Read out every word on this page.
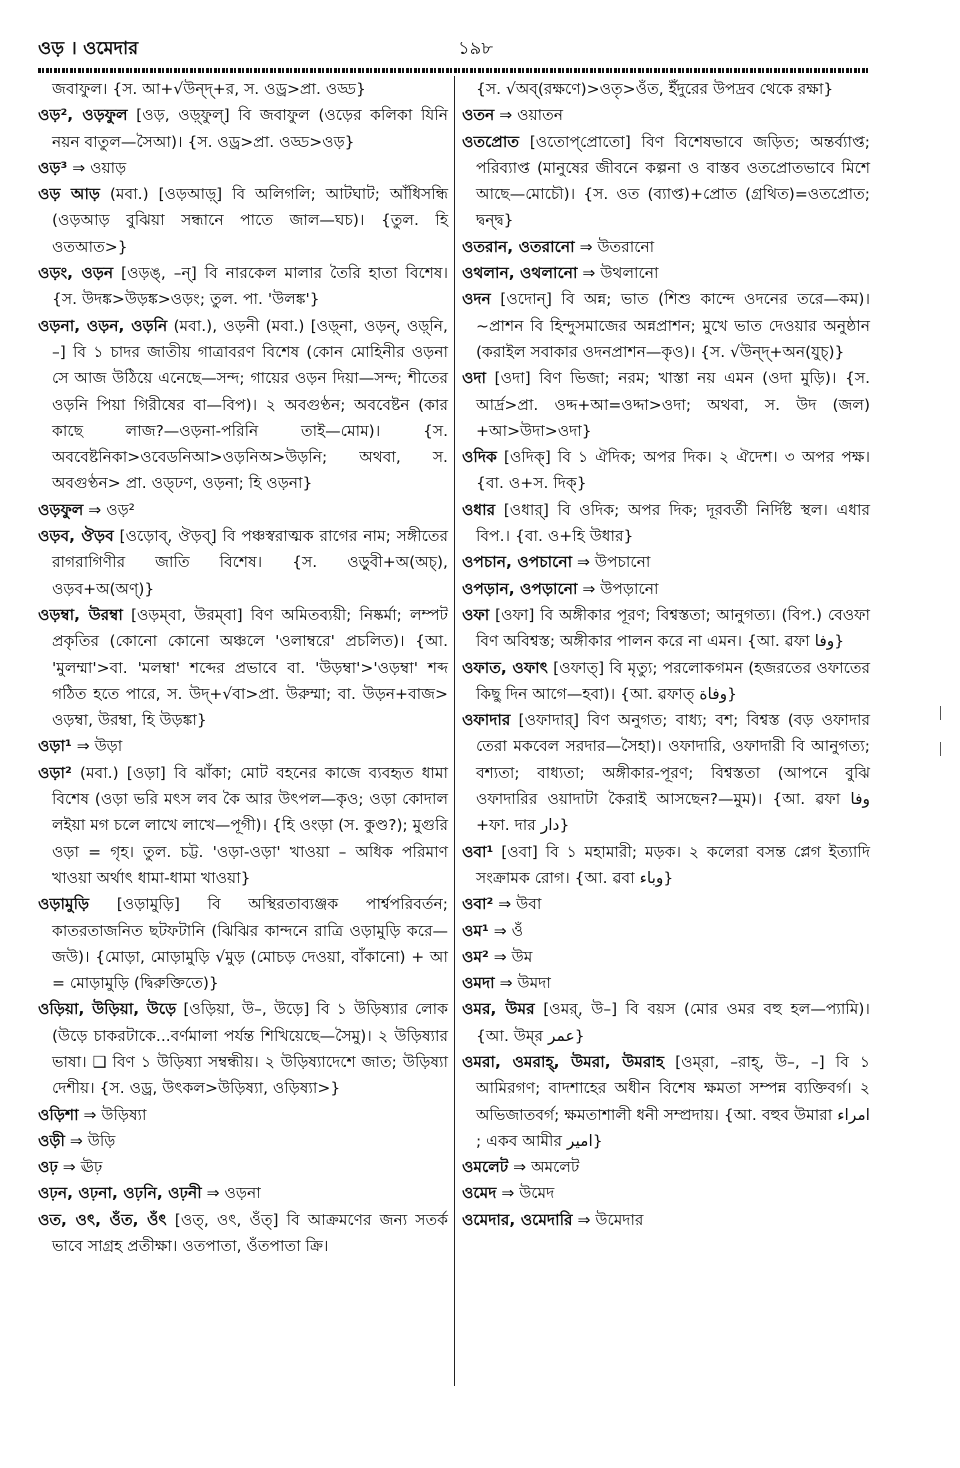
ওড় । ওমেদার	১৯৮

জবাফুল। {স. আ+√উন্দ্+র, স. ওড্র>প্রা. ওড্ড}

ওড়², ওড়ফুল [ওড়, ওড়্‌ফুল্] বি জবাফুল (ওড়ের কলিকা যিনি নয়ন বাতুল—সৈআ)। {স. ওড্র>প্রা. ওড্ড>ওড়}

ওড়³ ⇒ ওয়াড়

ওড় আড় (মবা.) [ওড়আড়্] বি অলিগলি; আটঘাট; আঁধিসন্ধি (ওড়আড় বুঝিয়া সন্ধানে পাতে জাল—ঘচ)। {তুল. হি ওতআত>}

ওড়ং, ওড়ন [ওড়ঙ্, –ন্] বি নারকেল মালার তৈরি হাতা বিশেষ। {স. উদঙ্ক>উড়ঙ্ক>ওড়ং; তুল. পা. 'উলঙ্ক'}

ওড়না, ওড়ন, ওড়নি (মবা.), ওড়নী (মবা.) [ওড়্‌না, ওড়ন্, ওড়্‌নি, –] বি ১ চাদর জাতীয় গাত্রাবরণ বিশেষ (কোন মোহিনীর ওড়না সে আজ উঠিয়ে এনেছে—সন্দ; গায়ের ওড়ন দিয়া—সন্দ; শীতের ওড়নি পিয়া গিরীষের বা—বিপ)। ২ অবগুণ্ঠন; অববেষ্টন (কার কাছে লাজ?—ওড়না-পরিনি তাই—মোম)। {স. অববেষ্টনিকা>ওবেডনিআ>ওড়নিঅ>উড়নি; অথবা, স. অবগুণ্ঠন> প্রা. ওড্‌ঢণ, ওড়না; হি ওড়না}

ওড়ফুল ⇒ ওড়²

ওড়ব, ঔড়ব [ওড়োব্, ঔড়ব্] বি পঞ্চস্বরাত্মক রাগের নাম; সঙ্গীতের রাগরাগিণীর জাতি বিশেষ। {স. ওড়ুবী+অ(অচ্), ওড়ব+অ(অণ্)}

ওড়ম্বা, উরম্বা [ওড়ম্‌বা, উরম্‌বা] বিণ অমিতব্যয়ী; নিষ্কর্মা; লম্পট প্রকৃতির (কোনো কোনো অঞ্চলে 'ওলাম্বরে' প্রচলিত)। {আ. 'মুলম্মা'>বা. 'মলম্বা' শব্দের প্রভাবে বা. 'উড়ম্বা'>'ওড়ম্বা' শব্দ গঠিত হতে পারে, স. উদ্+√বা>প্রা. উরুম্মা; বা. উড়ন+বাজ> ওড়ম্বা, উরম্বা, হি উড়ঙ্কা}

ওড়া¹ ⇒ উড়া

ওড়া² (মবা.) [ওড়া] বি ঝাঁকা; মোট বহনের কাজে ব্যবহৃত ধামা বিশেষ (ওড়া ভরি মৎস লব কৈ আর উৎপল—কৃও; ওড়া কোদাল লইয়া মগ চলে লাখে লাখে—পূগী)। {হি ওংড়া (স. কুণ্ড?); মুগুরি ওড়া = গৃহ। তুল. চট্ট. 'ওড়া-ওড়া' খাওয়া – অধিক পরিমাণ খাওয়া অর্থাৎ ধামা-ধামা খাওয়া}

ওড়ামুড়ি [ওড়ামুড়ি] বি অস্থিরতাব্যঞ্জক পার্শ্বপরিবর্তন; কাতরতাজনিত ছটফটানি (ঝিঝির কান্দনে রাত্রি ওড়ামুড়ি করে—জউ)। {মোড়া, মোড়ামুড়ি √মুড় (মোচড় দেওয়া, বাঁকানো) + আ = মোড়ামুড়ি (দ্বিরুক্তিতে)}

ওড়িয়া, উড়িয়া, উড়ে [ওড়িয়া, উ–, উড়ে] বি ১ উড়িষ্যার লোক (উড়ে চাকরটাকে...বর্ণমালা পর্যন্ত শিখিয়েছে—সৈমু)। ২ উড়িষ্যার ভাষা। ❑ বিণ ১ উড়িষ্যা সম্বন্ধীয়। ২ উড়িষ্যাদেশে জাত; উড়িষ্যা দেশীয়। {স. ওড্র, উৎকল>উড়িষ্যা, ওড়িষ্যা>}

ওড়িশা ⇒ উড়িষ্যা

ওড়ী ⇒ উড়ি

ওঢ় ⇒ ঊঢ়

ওঢ়ন, ওঢ়না, ওঢ়নি, ওঢ়নী ⇒ ওড়না

ওত, ওৎ, ওঁত, ওঁৎ [ওত্, ওৎ, ওঁত্] বি আক্রমণের জন্য সতর্ক ভাবে সাগ্রহ প্রতীক্ষা। ওতপাতা, ওঁতপাতা ক্রি।

{স. √অব্(রক্ষণে)>ওতৃ>ওঁত, ইঁদুরের উপদ্রব থেকে রক্ষা}

ওতন ⇒ ওয়াতন

ওতপ্রোত [ওতোপ্‌প্রোতো] বিণ বিশেষভাবে জড়িত; অন্তর্ব্যাপ্ত; পরিব্যাপ্ত (মানুষের জীবনে কল্পনা ও বাস্তব ওতপ্রোতভাবে মিশে আছে—মোচৌ)। {স. ওত (ব্যাপ্ত)+প্রোত (গ্রথিত)=ওতপ্রোত; দ্বন্দ্ব}

ওতরান, ওতরানো ⇒ উতরানো

ওথলান, ওথলানো ⇒ উথলানো

ওদন [ওদোন্] বি অন্ন; ভাত (শিশু কান্দে ওদনের তরে—কম)। ~প্রাশন বি হিন্দুসমাজের অন্নপ্রাশন; মুখে ভাত দেওয়ার অনুষ্ঠান (করাইল সবাকার ওদনপ্রাশন—কৃও)। {স. √উন্দ্+অন(যুচ্)}

ওদা [ওদা] বিণ ভিজা; নরম; খাস্তা নয় এমন (ওদা মুড়ি)। {স. আর্দ্র>প্রা. ওদ্দ+আ=ওদ্দা>ওদা; অথবা, স. উদ (জল) +আ>উদা>ওদা}

ওদিক [ওদিক্] বি ১ ঐদিক; অপর দিক। ২ ঐদেশ। ৩ অপর পক্ষ। {বা. ও+স. দিক্}

ওধার [ওধার্] বি ওদিক; অপর দিক; দূরবর্তী নির্দিষ্ট স্থল। এধার বিপ.। {বা. ও+হি উধার}

ওপচান, ওপচানো ⇒ উপচানো

ওপড়ান, ওপড়ানো ⇒ উপড়ানো

ওফা [ওফা] বি অঙ্গীকার পূরণ; বিশ্বস্ততা; আনুগত্য। (বিপ.) বেওফা বিণ অবিশ্বস্ত; অঙ্গীকার পালন করে না এমন। {আ. ৱফা وفا}

ওফাত, ওফাৎ [ওফাত্] বি মৃত্যু; পরলোকগমন (হজরতের ওফাতের কিছু দিন আগে—হবা)। {আ. ৱফাত্ وفاة}

ওফাদার [ওফাদার্] বিণ অনুগত; বাধ্য; বশ; বিশ্বস্ত (বড় ওফাদার তেরা মকবেল সরদার—সৈহা)। ওফাদারি, ওফাদারী বি আনুগত্য; বশ্যতা; বাধ্যতা; অঙ্গীকার-পূরণ; বিশ্বস্ততা (আপনে বুঝি ওফাদারির ওয়াদাটা কৈরাই আসছেন?—মুম)। {আ. ৱফা وفا +ফা. দার دار}

ওবা¹ [ওবা] বি ১ মহামারী; মড়ক। ২ কলেরা বসন্ত প্লেগ ইত্যাদি সংক্রামক রোগ। {আ. ৱবা وباء}

ওবা² ⇒ উবা

ওম¹ ⇒ ওঁ

ওম² ⇒ উম

ওমদা ⇒ উমদা

ওমর, উমর [ওমর্, উ–] বি বয়স (মোর ওমর বহু হল—প্যামি)। {আ. উম্‌র عمر}

ওমরা, ওমরাহ্, উমরা, উমরাহ [ওম্‌রা, –রাহ্, উ–, –] বি ১ আমিরগণ; বাদশাহের অধীন বিশেষ ক্ষমতা সম্পন্ন ব্যক্তিবর্গ। ২ অভিজাতবর্গ; ক্ষমতাশালী ধনী সম্প্রদায়। {আ. বহুব উমারা امراء ; একব আমীর امير}

ওমলেট ⇒ অমলেট

ওমেদ ⇒ উমেদ

ওমেদার, ওমেদারি ⇒ উমেদার
